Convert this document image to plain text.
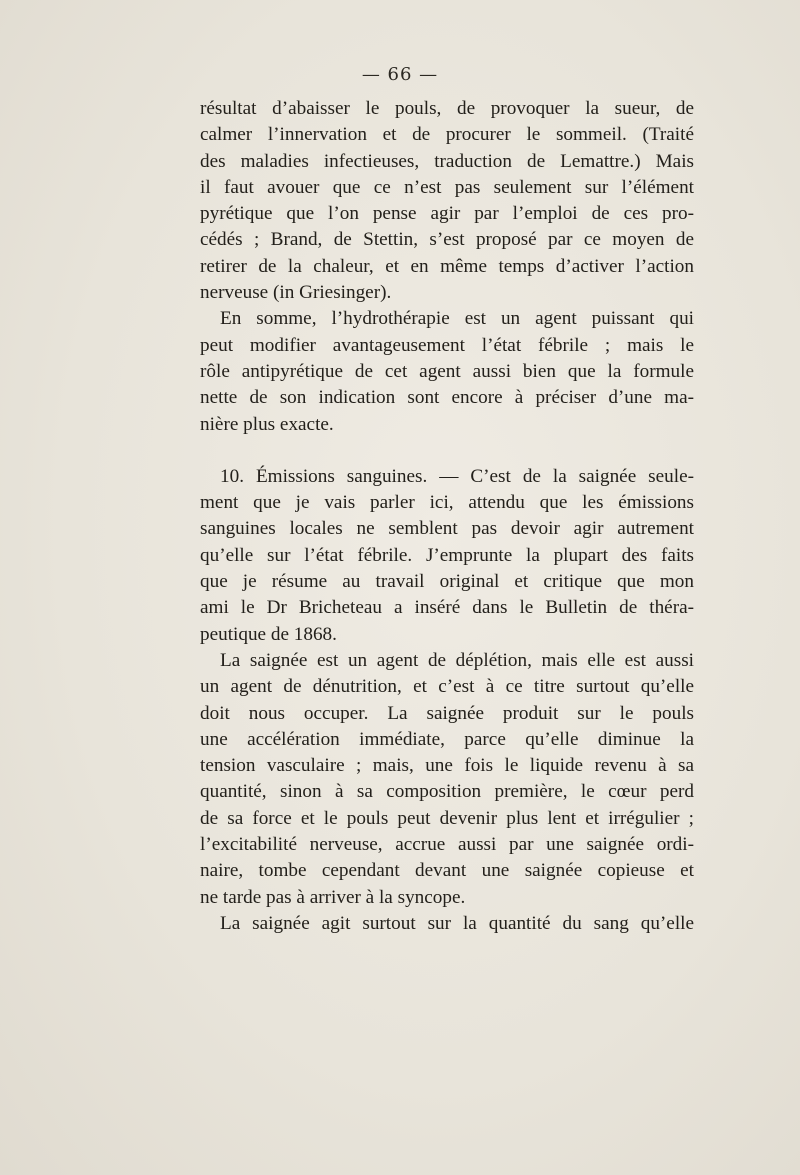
— 66 —
résultat d’abaisser le pouls, de provoquer la sueur, de
calmer l’innervation et de procurer le sommeil. (Traité
des maladies infectieuses, traduction de Lemattre.) Mais
il faut avouer que ce n’est pas seulement sur l’élément
pyrétique que l’on pense agir par l’emploi de ces pro-
cédés ; Brand, de Stettin, s’est proposé par ce moyen de
retirer de la chaleur, et en même temps d’activer l’action
nerveuse (in Griesinger).
En somme, l’hydrothérapie est un agent puissant qui
peut modifier avantageusement l’état fébrile ; mais le
rôle antipyrétique de cet agent aussi bien que la formule
nette de son indication sont encore à préciser d’une ma-
nière plus exacte.
10. Émissions sanguines. — C’est de la saignée seule-
ment que je vais parler ici, attendu que les émissions
sanguines locales ne semblent pas devoir agir autrement
qu’elle sur l’état fébrile. J’emprunte la plupart des faits
que je résume au travail original et critique que mon
ami le Dr Bricheteau a inséré dans le Bulletin de théra-
peutique de 1868.
La saignée est un agent de déplétion, mais elle est aussi
un agent de dénutrition, et c’est à ce titre surtout qu’elle
doit nous occuper. La saignée produit sur le pouls
une accélération immédiate, parce qu’elle diminue la
tension vasculaire ; mais, une fois le liquide revenu à sa
quantité, sinon à sa composition première, le cœur perd
de sa force et le pouls peut devenir plus lent et irrégulier ;
l’excitabilité nerveuse, accrue aussi par une saignée ordi-
naire, tombe cependant devant une saignée copieuse et
ne tarde pas à arriver à la syncope.
La saignée agit surtout sur la quantité du sang qu’elle
